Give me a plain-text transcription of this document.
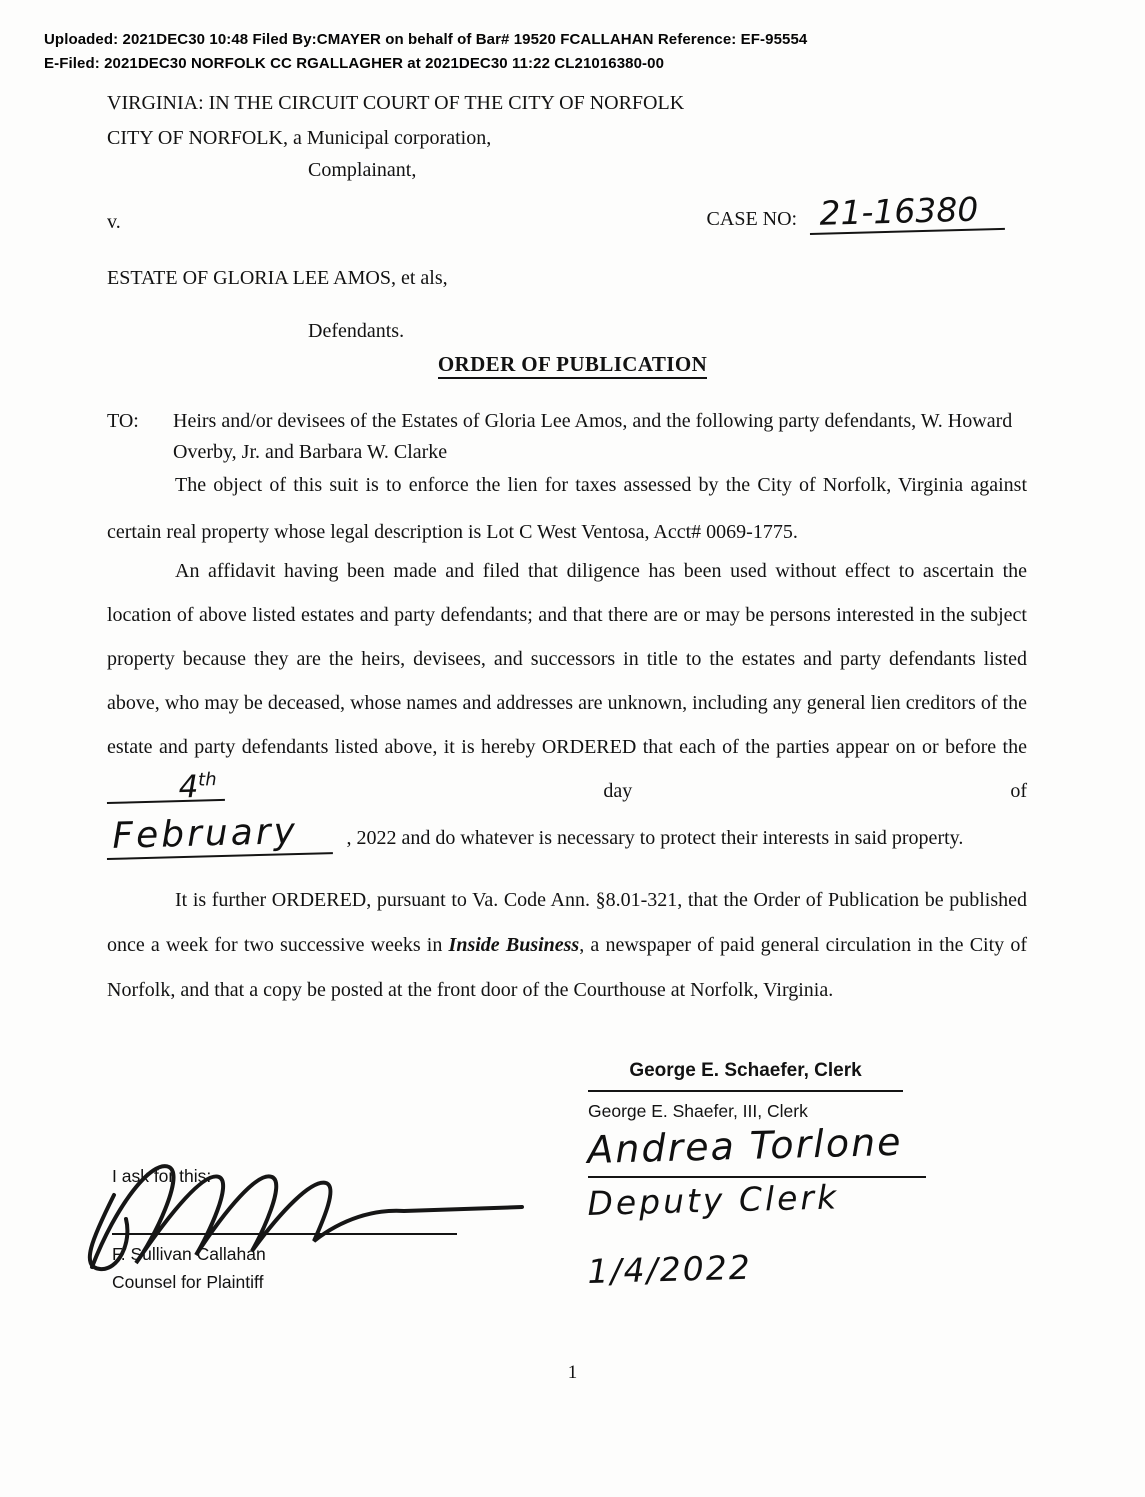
Uploaded: 2021DEC30 10:48 Filed By:CMAYER on behalf of Bar# 19520 FCALLAHAN Reference: EF-95554
E-Filed: 2021DEC30 NORFOLK CC RGALLAGHER at 2021DEC30 11:22 CL21016380-00
VIRGINIA: IN THE CIRCUIT COURT OF THE CITY OF NORFOLK
CITY OF NORFOLK, a Municipal corporation,
Complainant,
v.	CASE NO: 21-16380
ESTATE OF GLORIA LEE AMOS, et als,
Defendants.
ORDER OF PUBLICATION
TO:	Heirs and/or devisees of the Estates of Gloria Lee Amos, and the following party defendants, W. Howard Overby, Jr. and Barbara W. Clarke

The object of this suit is to enforce the lien for taxes assessed by the City of Norfolk, Virginia against certain real property whose legal description is Lot C West Ventosa, Acct# 0069-1775.

An affidavit having been made and filed that diligence has been used without effect to ascertain the location of above listed estates and party defendants; and that there are or may be persons interested in the subject property because they are the heirs, devisees, and successors in title to the estates and party defendants listed above, who may be deceased, whose names and addresses are unknown, including any general lien creditors of the estate and party defendants listed above, it is hereby ORDERED that each of the parties appear on or before the 4th day of

February , 2022 and do whatever is necessary to protect their interests in said property.

It is further ORDERED, pursuant to Va. Code Ann. §8.01-321, that the Order of Publication be published once a week for two successive weeks in Inside Business, a newspaper of paid general circulation in the City of Norfolk, and that a copy be posted at the front door of the Courthouse at Norfolk, Virginia.

George E. Schaefer, Clerk
George E. Shaefer, III, Clerk
Andrea Torlone
Deputy Clerk
1/4/2022
I ask for this:
F. Sullivan Callahan
Counsel for Plaintiff
1
